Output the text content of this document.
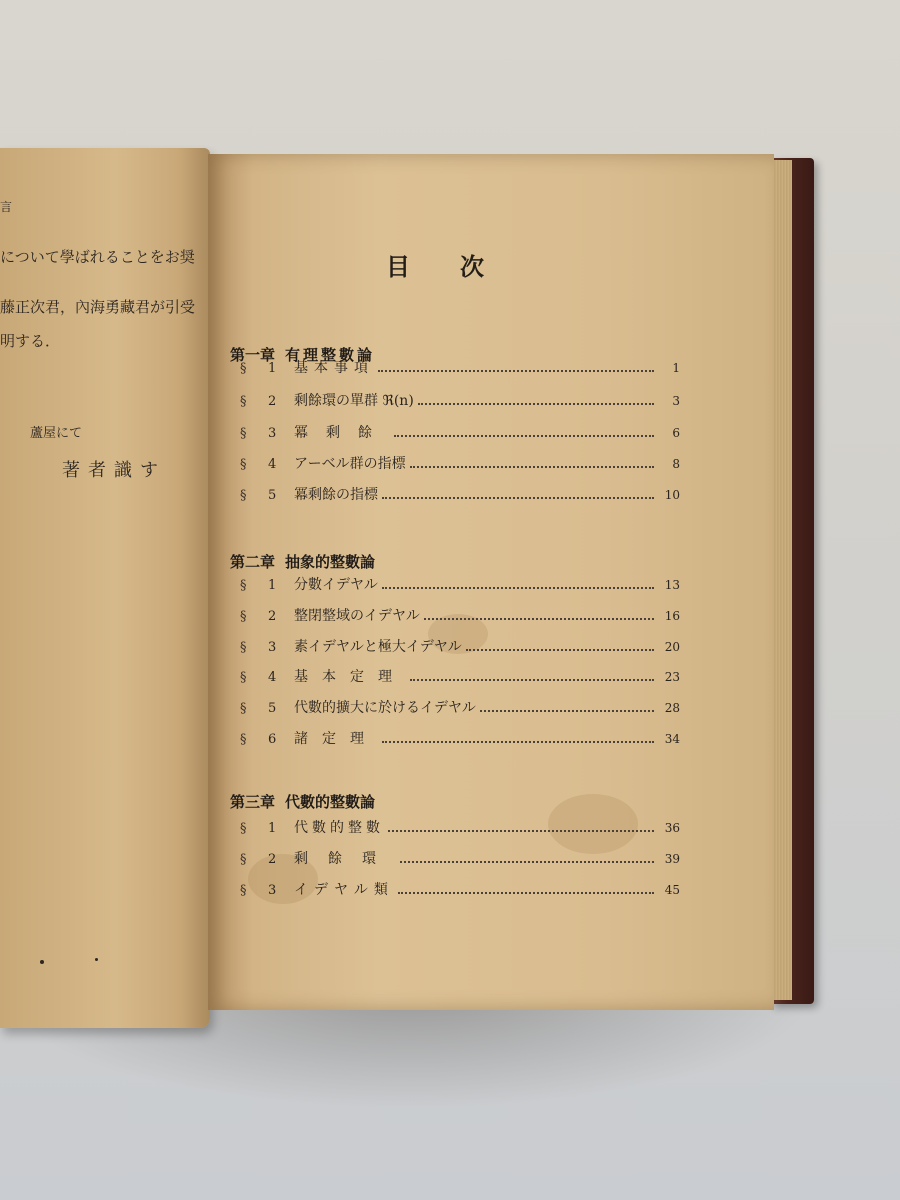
言
について學ばれることをお奨
藤正次君，內海勇藏君が引受
明する．
蘆屋にて
著者識す
目次
第一章 有理整數論
§	1	基本事項	1
§	2	剩餘環の單群 ℜ(n)	3
§	3	冪剩餘	6
§	4	アーベル群の指標	8
§	5	冪剩餘の指標	10
第二章 抽象的整數論
§	1	分數イデヤル	13
§	2	整閉整域のイデヤル	16
§	3	素イデヤルと極大イデヤル	20
§	4	基本定理	23
§	5	代數的擴大に於けるイデヤル	28
§	6	諸定理	34
第三章 代數的整數論
§	1	代數的整數	36
§	2	剩餘環	39
§	3	イデヤル類	45
